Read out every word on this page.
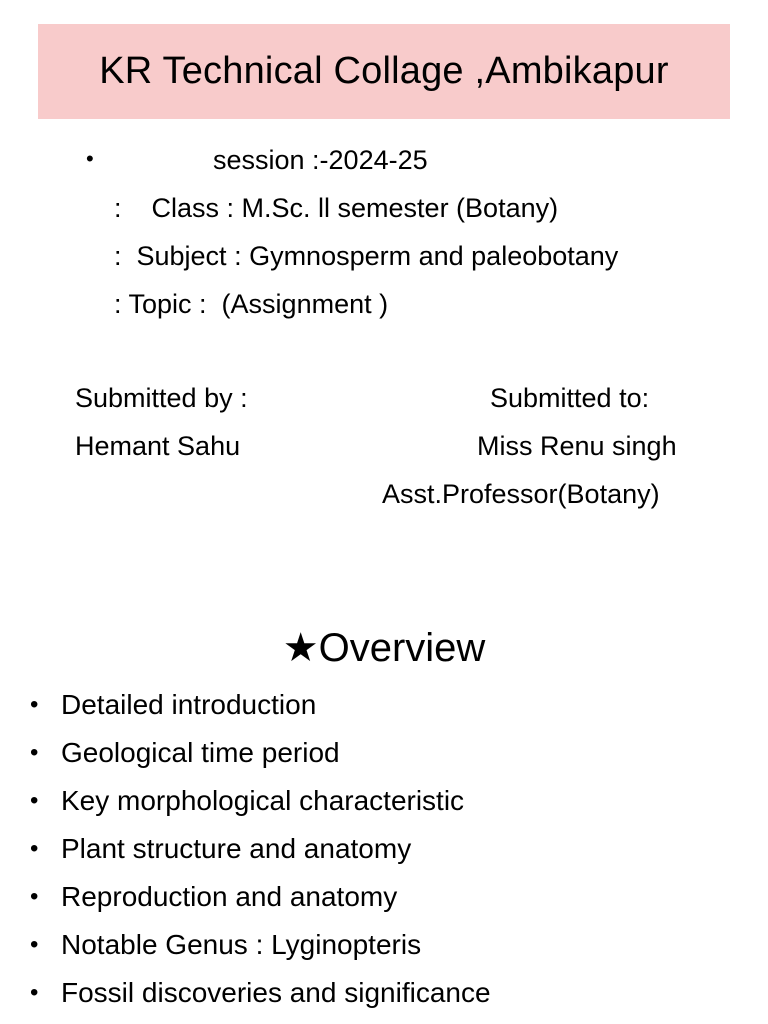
KR Technical Collage ,Ambikapur
•	session :-2024-25
:    Class : M.Sc. ll semester (Botany)
:  Subject : Gymnosperm and paleobotany
: Topic :  (Assignment )
Submitted by :
Hemant Sahu
Submitted to:
Miss Renu singh
Asst.Professor(Botany)
★Overview
• Detailed introduction
• Geological time period
• Key morphological characteristic
• Plant structure and anatomy
• Reproduction and anatomy
• Notable Genus : Lyginopteris
• Fossil discoveries and significance
